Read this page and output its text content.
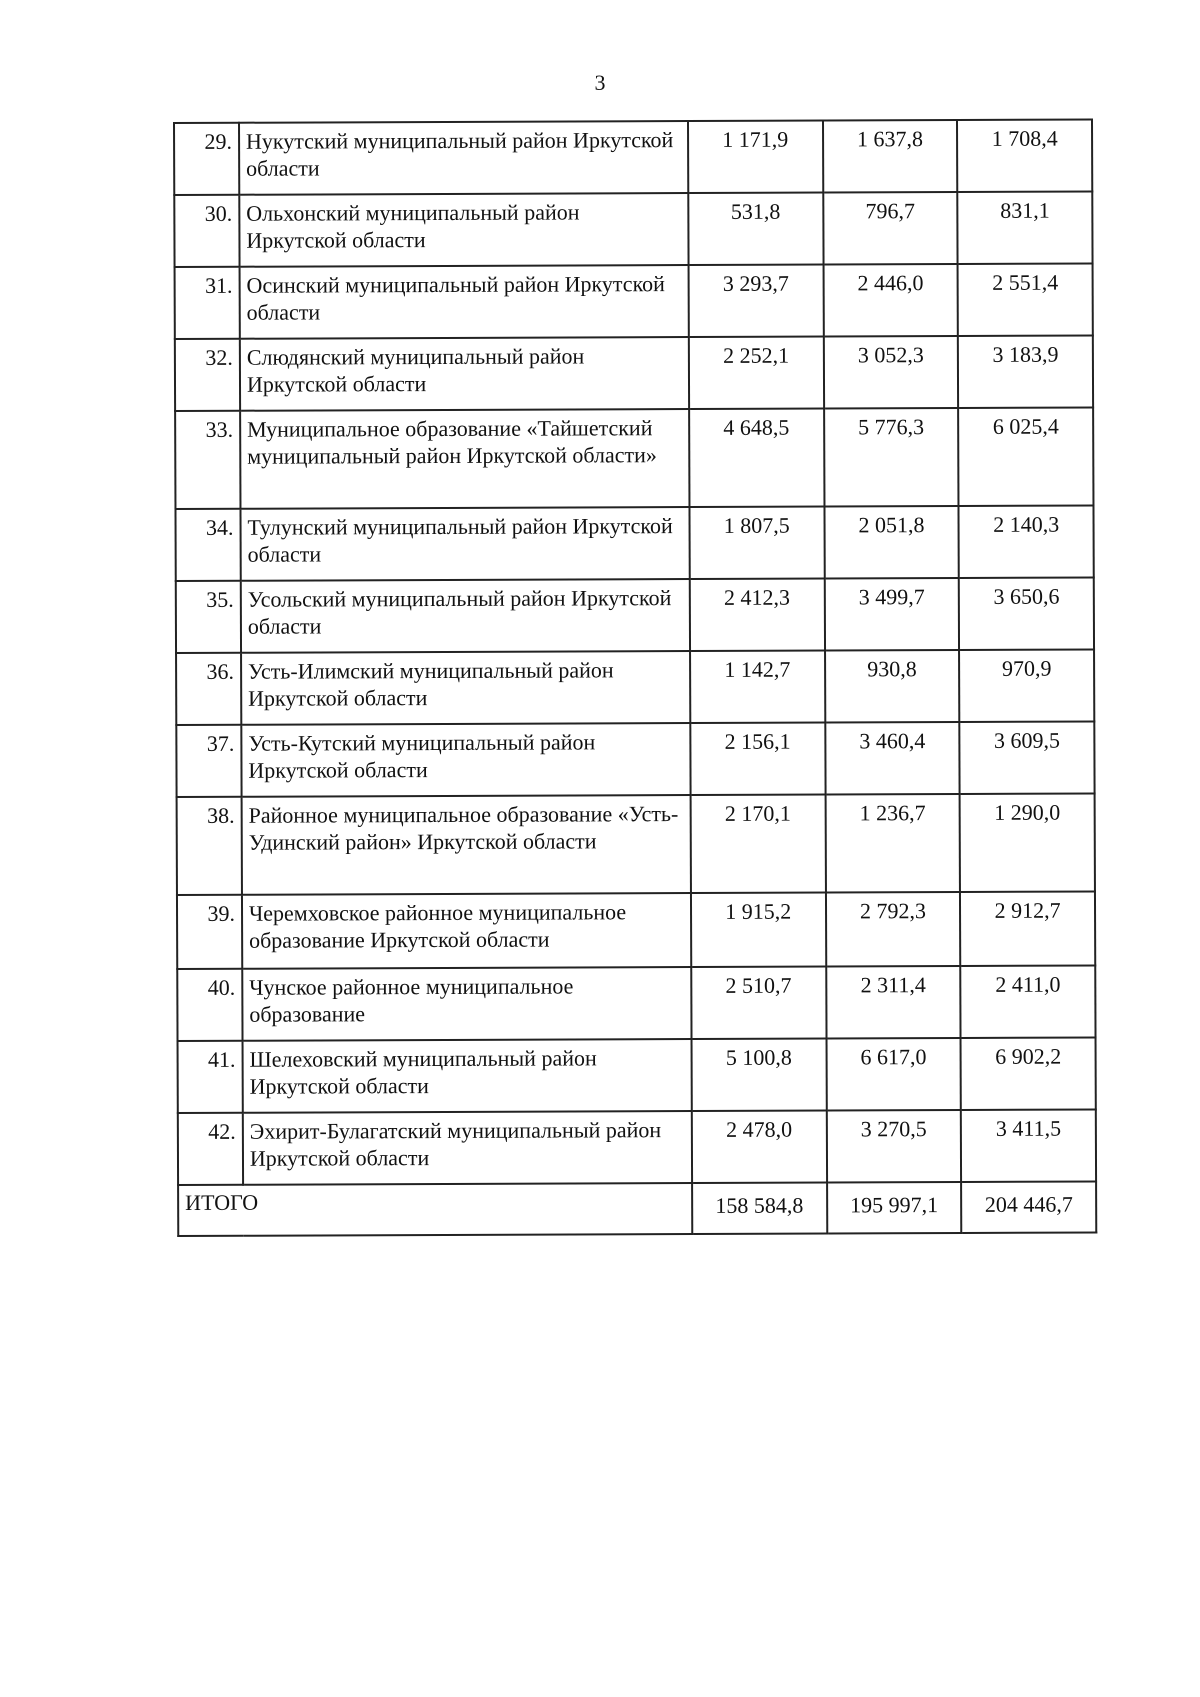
3
29.	Нукутский муниципальный район Иркутской области	1 171,9	1 637,8	1 708,4
30.	Ольхонский муниципальный район Иркутской области	531,8	796,7	831,1
31.	Осинский муниципальный район Иркутской области	3 293,7	2 446,0	2 551,4
32.	Слюдянский муниципальный район Иркутской области	2 252,1	3 052,3	3 183,9
33.	Муниципальное образование «Тайшетский муниципальный район Иркутской области»	4 648,5	5 776,3	6 025,4
34.	Тулунский муниципальный район Иркутской области	1 807,5	2 051,8	2 140,3
35.	Усольский муниципальный район Иркутской области	2 412,3	3 499,7	3 650,6
36.	Усть-Илимский муниципальный район Иркутской области	1 142,7	930,8	970,9
37.	Усть-Кутский муниципальный район Иркутской области	2 156,1	3 460,4	3 609,5
38.	Районное муниципальное образование «Усть-Удинский район» Иркутской области	2 170,1	1 236,7	1 290,0
39.	Черемховское районное муниципальное образование Иркутской области	1 915,2	2 792,3	2 912,7
40.	Чунское районное муниципальное образование	2 510,7	2 311,4	2 411,0
41.	Шелеховский муниципальный район Иркутской области	5 100,8	6 617,0	6 902,2
42.	Эхирит-Булагатский муниципальный район Иркутской области	2 478,0	3 270,5	3 411,5
ИТОГО		158 584,8	195 997,1	204 446,7
